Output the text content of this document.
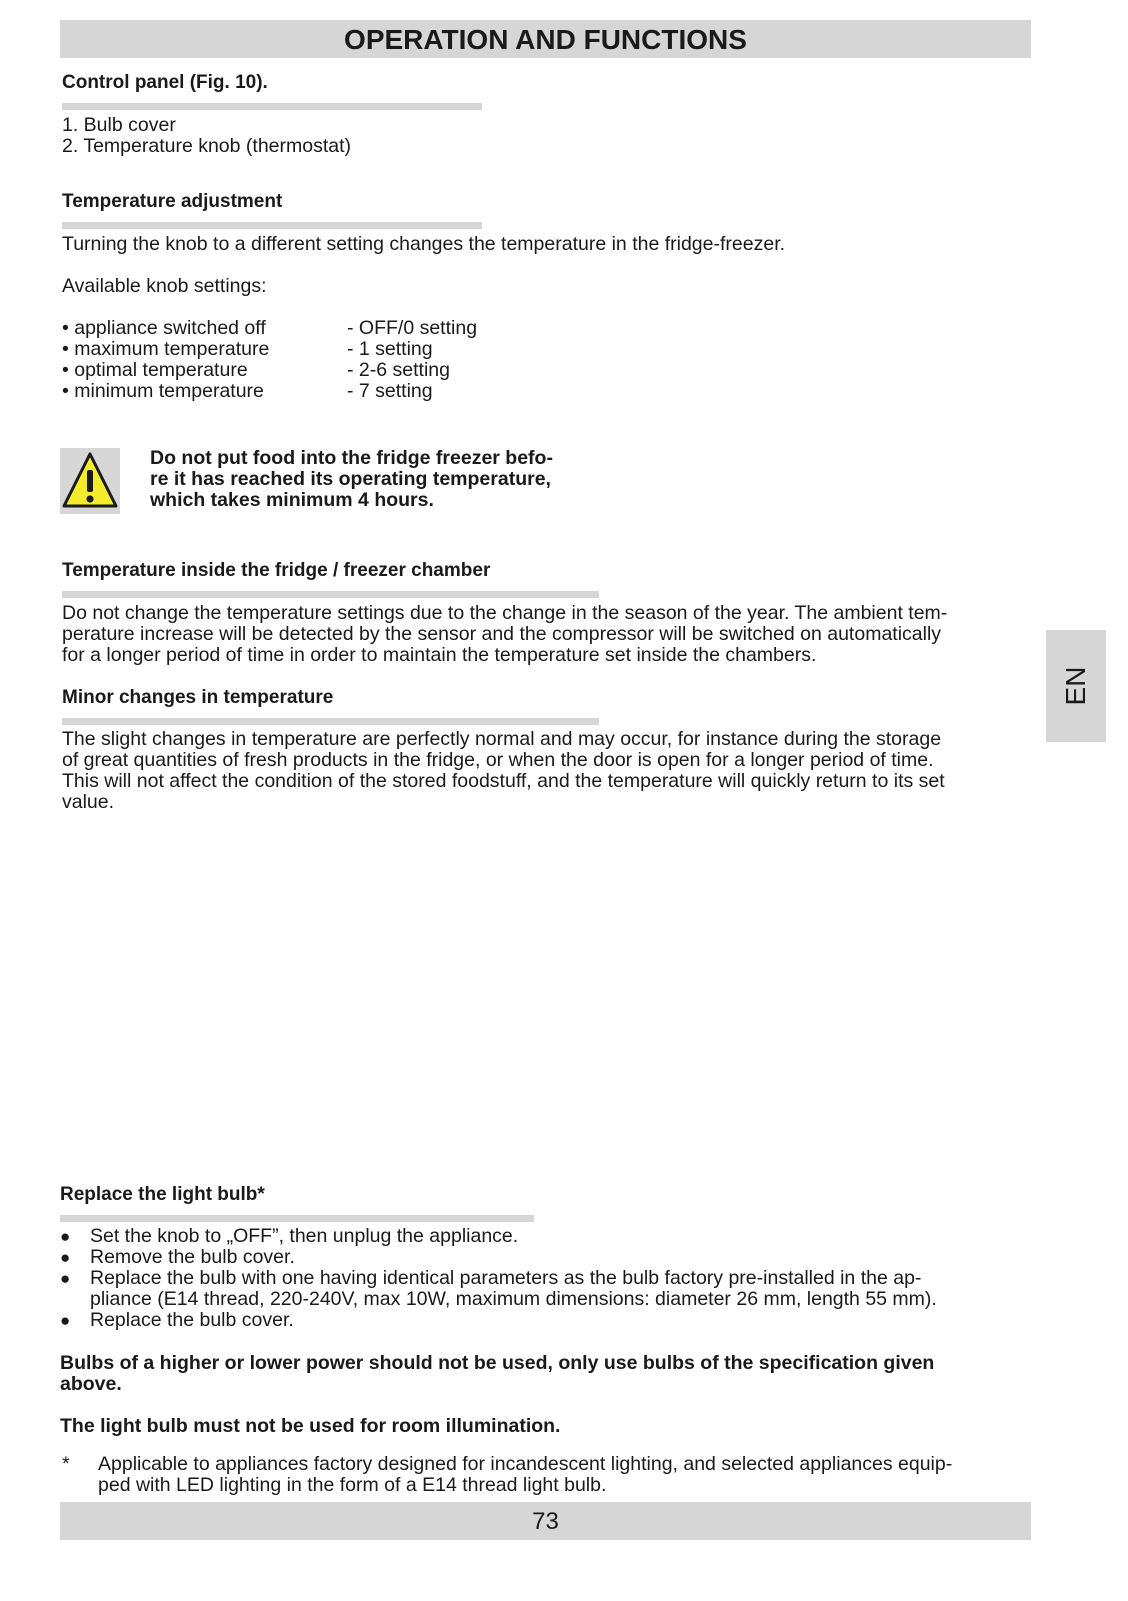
OPERATION AND FUNCTIONS
Control panel (Fig. 10).
1. Bulb cover
2. Temperature knob (thermostat)
Temperature adjustment
Turning the knob to a different setting changes the temperature in the fridge-freezer.
Available knob settings:
• appliance switched off	- OFF/0 setting
• maximum temperature	- 1 setting
• optimal temperature	- 2-6 setting
• minimum temperature	- 7 setting
Do not put food into the fridge freezer befo-
re it has reached its operating temperature,
which takes minimum 4 hours.
Temperature inside the fridge / freezer chamber
Do not change the temperature settings due to the change in the season of the year. The ambient tem-
perature increase will be detected by the sensor and the compressor will be switched on automatically
for a longer period of time in order to maintain the temperature set inside the chambers.
Minor changes in temperature
The slight changes in temperature are perfectly normal and may occur, for instance during the storage
of great quantities of fresh products in the fridge, or when the door is open for a longer period of time.
This will not affect the condition of the stored foodstuff, and the temperature will quickly return to its set
value.
EN
Replace the light bulb*
● Set the knob to „OFF”, then unplug the appliance.
● Remove the bulb cover.
● Replace the bulb with one having identical parameters as the bulb factory pre-installed in the ap-
pliance (E14 thread, 220-240V, max 10W, maximum dimensions: diameter 26 mm, length 55 mm).
● Replace the bulb cover.
Bulbs of a higher or lower power should not be used, only use bulbs of the specification given
above.
The light bulb must not be used for room illumination.
* Applicable to appliances factory designed for incandescent lighting, and selected appliances equip-
ped with LED lighting in the form of a E14 thread light bulb.
73
